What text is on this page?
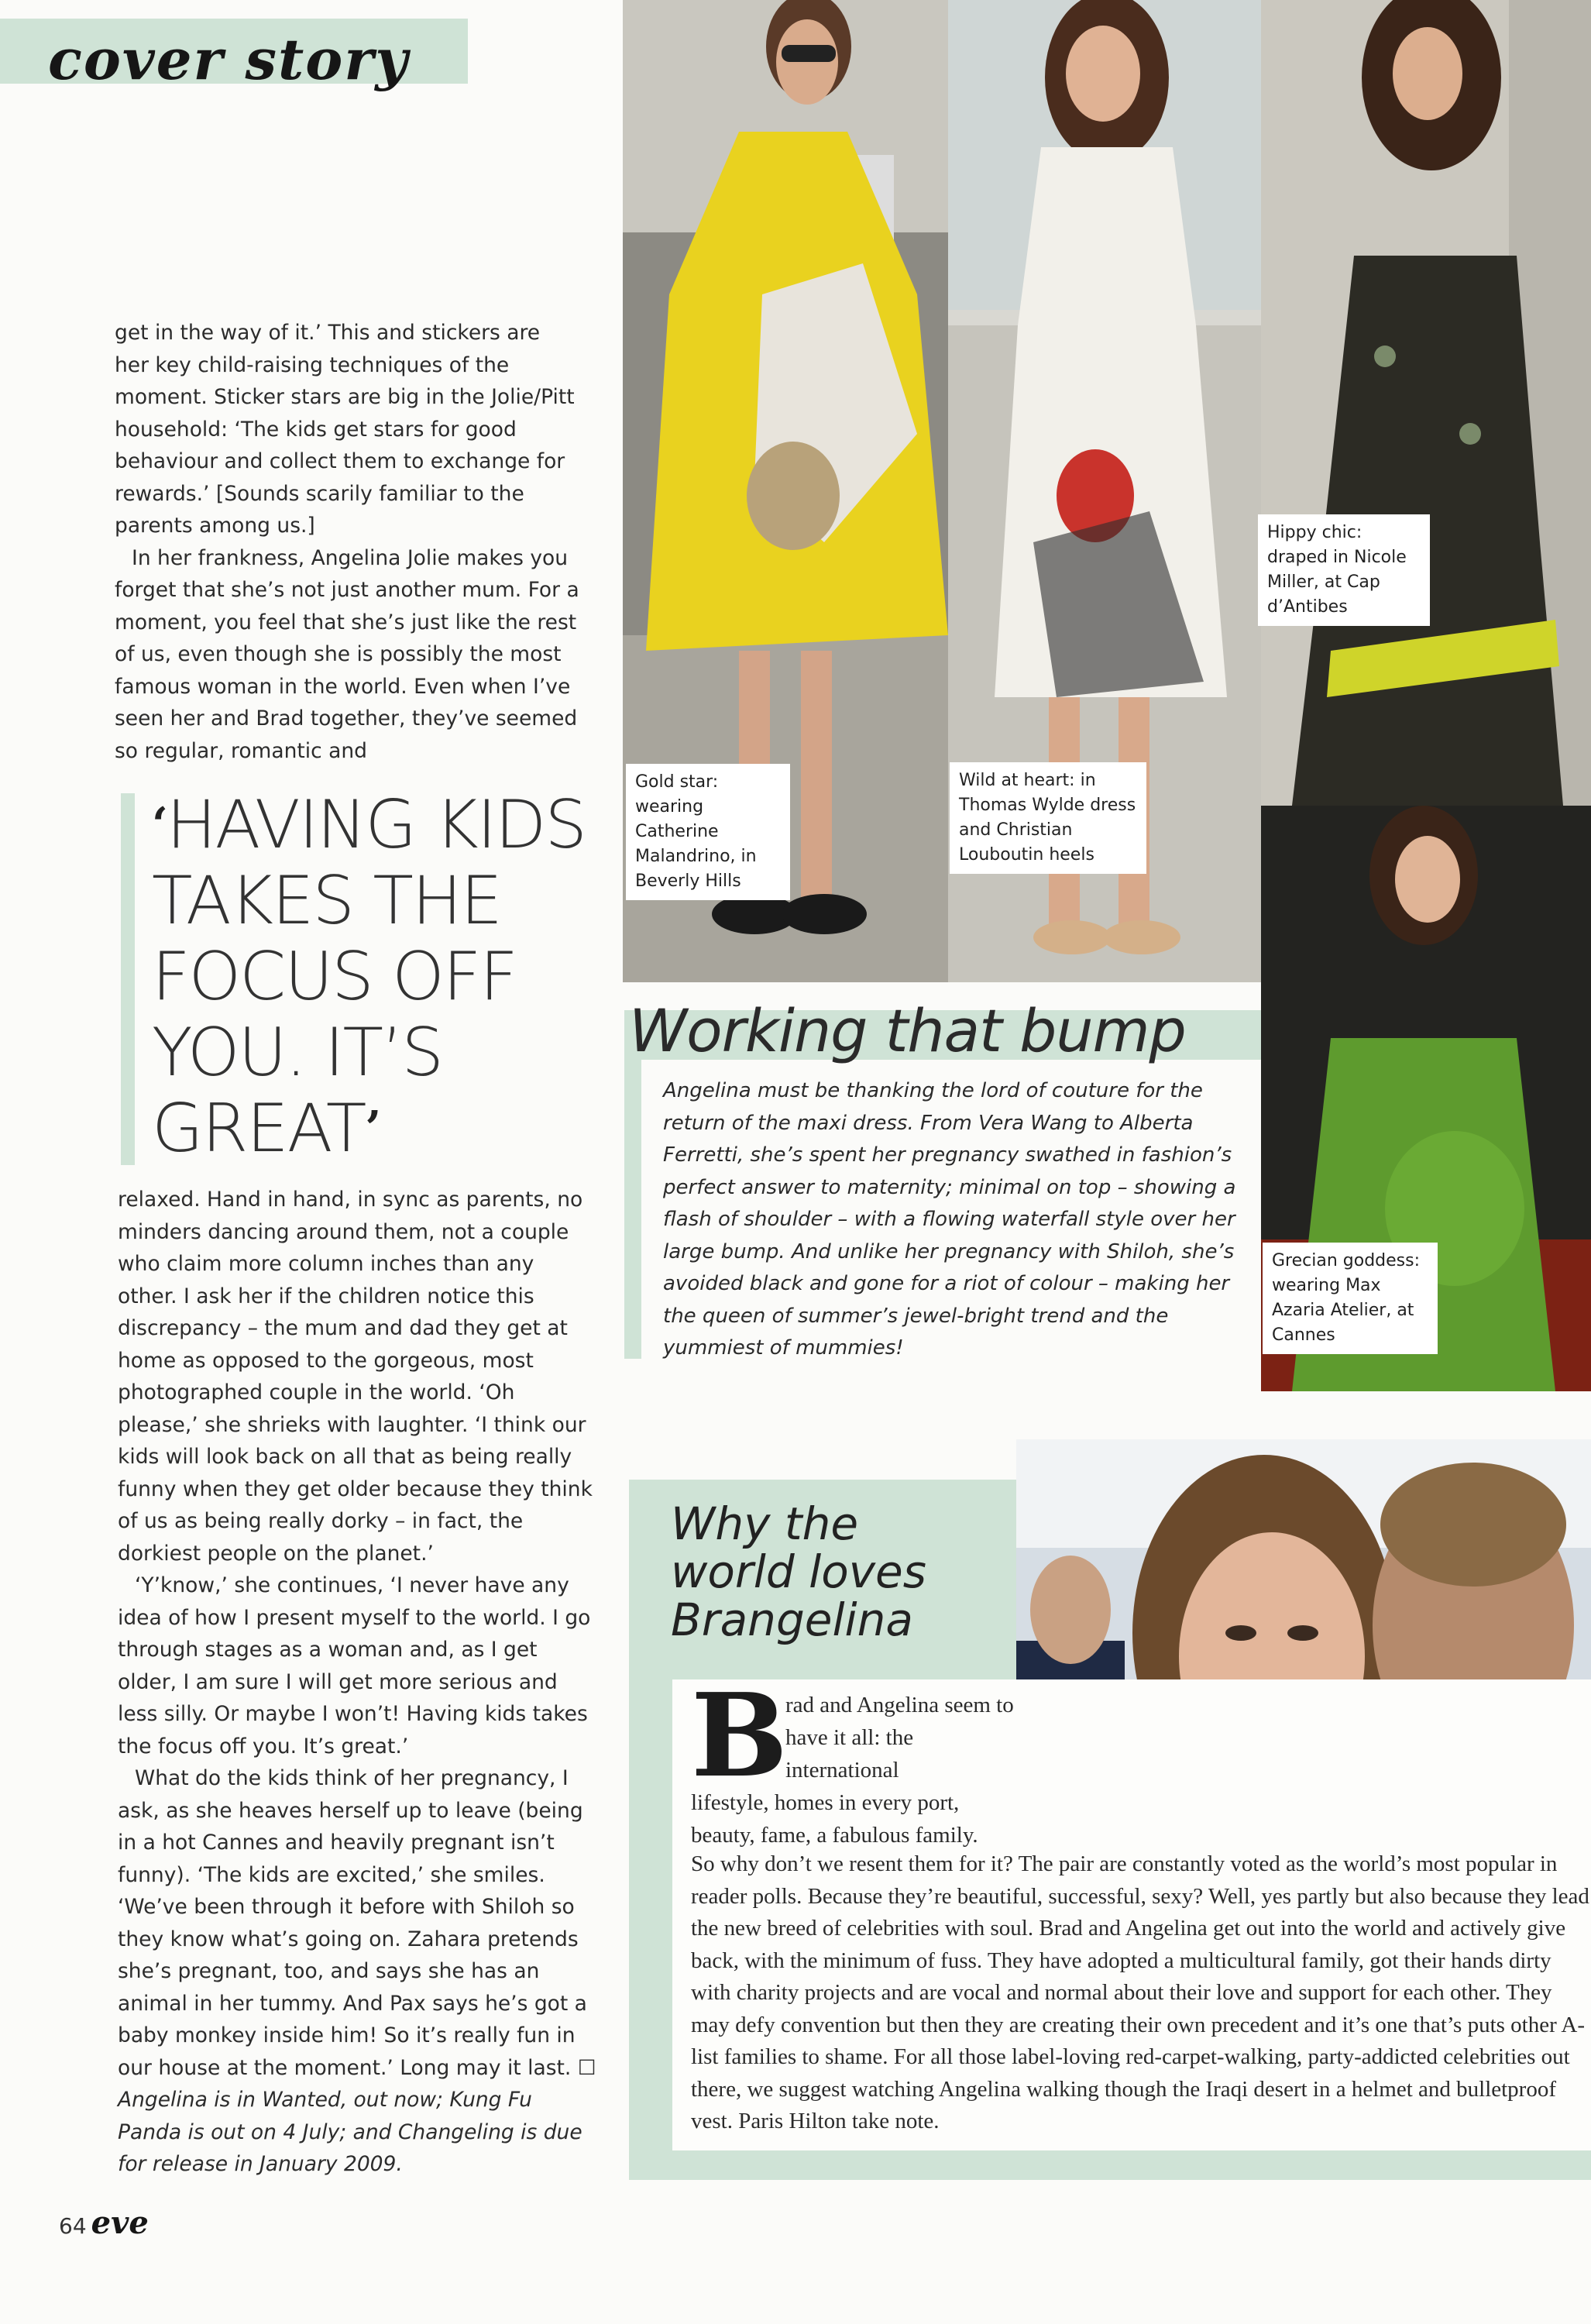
cover story

get in the way of it.’ This and stickers are her key child-raising techniques of the moment. Sticker stars are big in the Jolie/Pitt household: ‘The kids get stars for good behaviour and collect them to exchange for rewards.’ [Sounds scarily familiar to the parents among us.]

In her frankness, Angelina Jolie makes you forget that she’s not just another mum. For a moment, you feel that she’s just like the rest of us, even though she is possibly the most famous woman in the world. Even when I’ve seen her and Brad together, they’ve seemed so regular, romantic and

‘HAVING KIDS TAKES THE FOCUS OFF YOU. IT’S GREAT’

relaxed. Hand in hand, in sync as parents, no minders dancing around them, not a couple who claim more column inches than any other. I ask her if the children notice this discrepancy – the mum and dad they get at home as opposed to the gorgeous, most photographed couple in the world. ‘Oh please,’ she shrieks with laughter. ‘I think our kids will look back on all that as being really funny when they get older because they think of us as being really dorky – in fact, the dorkiest people on the planet.’

‘Y’know,’ she continues, ‘I never have any idea of how I present myself to the world. I go through stages as a woman and, as I get older, I am sure I will get more serious and less silly. Or maybe I won’t! Having kids takes the focus off you. It’s great.’

What do the kids think of her pregnancy, I ask, as she heaves herself up to leave (being in a hot Cannes and heavily pregnant isn’t funny). ‘The kids are excited,’ she smiles. ‘We’ve been through it before with Shiloh so they know what’s going on. Zahara pretends she’s pregnant, too, and says she has an animal in her tummy. And Pax says he’s got a baby monkey inside him! So it’s really fun in our house at the moment.’ Long may it last. ☐

Angelina is in Wanted, out now; Kung Fu Panda is out on 4 July; and Changeling is due for release in January 2009.

Gold star: wearing Catherine Malandrino, in Beverly Hills
Wild at heart: in Thomas Wylde dress and Christian Louboutin heels
Hippy chic: draped in Nicole Miller, at Cap d’Antibes
Grecian goddess: wearing Max Azaria Atelier, at Cannes
Working that bump
Angelina must be thanking the lord of couture for the return of the maxi dress. From Vera Wang to Alberta Ferretti, she’s spent her pregnancy swathed in fashion’s perfect answer to maternity; minimal on top – showing a flash of shoulder – with a flowing waterfall style over her large bump. And unlike her pregnancy with Shiloh, she’s avoided black and gone for a riot of colour – making her the queen of summer’s jewel-bright trend and the yummiest of mummies!
Why the world loves Brangelina
B
rad and Angelina seem to have it all: the international
lifestyle, homes in every port, beauty, fame, a fabulous family.
So why don’t we resent them for it? The pair are constantly voted as the world’s most popular in reader polls. Because they’re beautiful, successful, sexy? Well, yes partly but also because they lead the new breed of celebrities with soul. Brad and Angelina get out into the world and actively give back, with the minimum of fuss. They have adopted a multicultural family, got their hands dirty with charity projects and are vocal and normal about their love and support for each other. They may defy convention but then they are creating their own precedent and it’s one that’s puts other A-list families to shame. For all those label-loving red-carpet-walking, party-addicted celebrities out there, we suggest watching Angelina walking though the Iraqi desert in a helmet and bulletproof vest. Paris Hilton take note.
64 eve
